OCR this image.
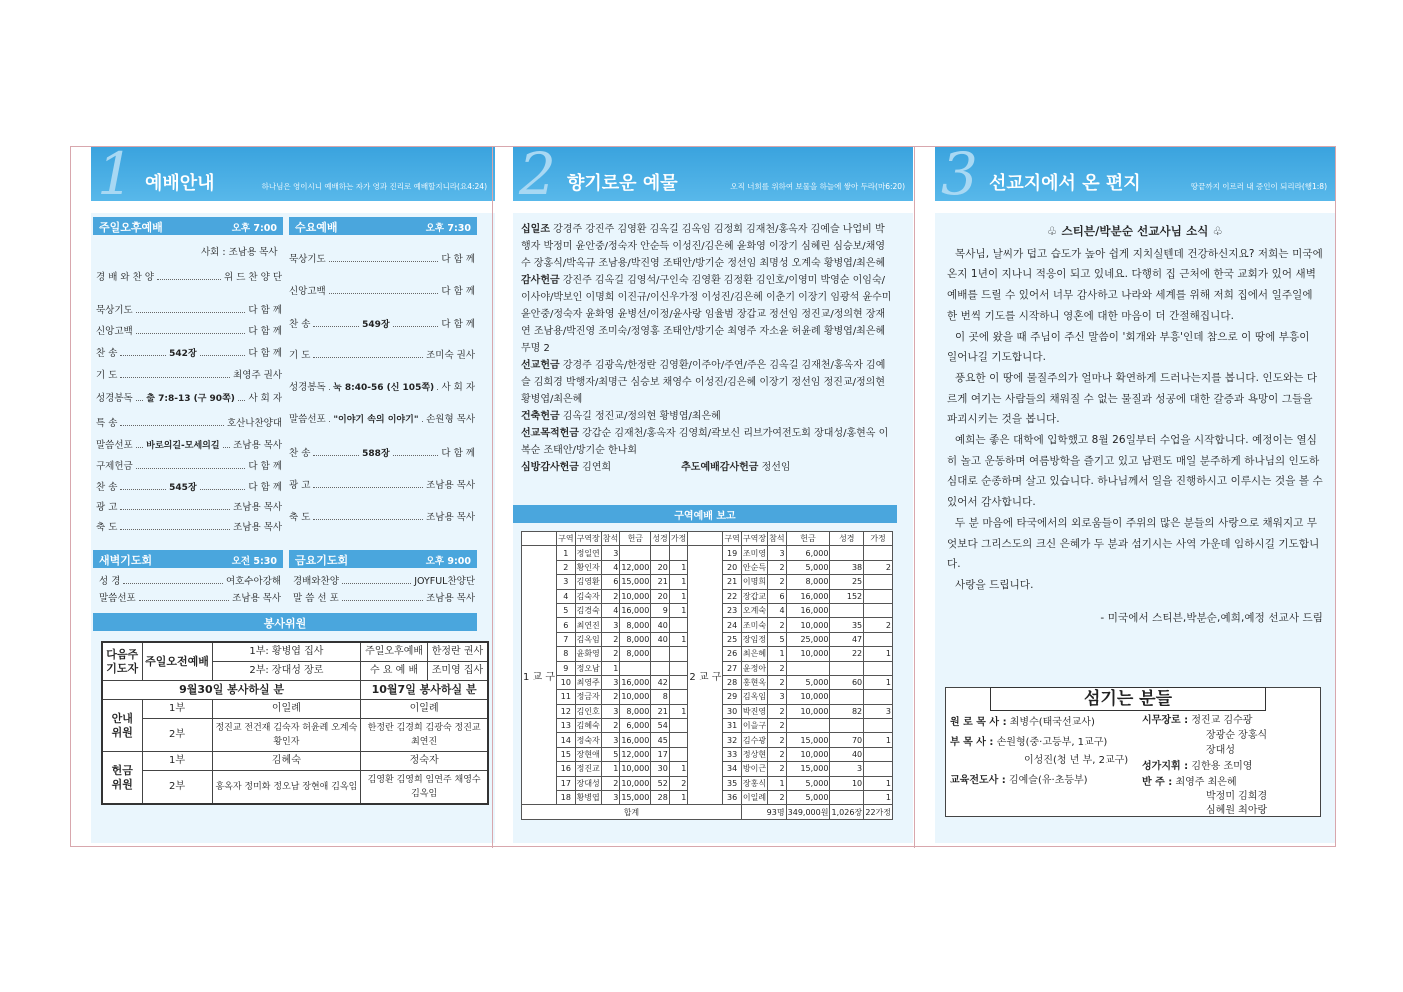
1 예배안내	하나님은 영이시니 예배하는 자가 영과 진리로 예배할지니라(요4:24)
주일오후예배	오후 7:00	수요예배	오후 7:30
사회 : 조남용 목사
경 배 와 찬 양	위 드 찬 양 단
묵상기도	다 함 께
신앙고백	다 함 께
찬 송	542장	다 함 께
기 도	최영주 권사
성경봉독 출 7:8-13 (구 90쪽) 사 회 자
특 송	호산나찬양대
말씀선포 바로의길-모세의길 조남용 목사
구제헌금	다 함 께
찬 송	545장	다 함 께
광 고	조남용 목사
축 도	조남용 목사
묵상기도	다 함 께
신앙고백	다 함 께
찬 송	549장	다 함 께
기 도	조미숙 권사
성경봉독 눅 8:40-56 (신 105쪽) 사 회 자
말씀선포 "이야기 속의 이야기" 손원형 목사
찬 송	588장	다 함 께
광 고	조남용 목사
축 도	조남용 목사
새벽기도회	오전 5:30	금요기도회	오후 9:00
성 경	여호수아강해
말씀선포	조남용 목사
경배와찬양	JOYFUL찬양단
말 씀 선 포	조남용 목사
봉사위원
다음주 기도자	주일오전예배	1부: 황병엽 집사	주일오후예배	한정란 권사
		2부: 장대성 장로	수 요 예 배	조미영 집사
9월30일 봉사하실 분			10월7일 봉사하실 분	
안내 위원	1부	이일례	이일례	
	2부	정진교 전건재 김숙자 허윤례 오계숙 황인자	한정란 김경희 김광숙 정진교 최연진	
헌금 위원	1부	김혜숙	정숙자	
	2부	홍옥자 정미화 정오남 장현애 김옥임	김영환 김영희 임연주 채영수 김옥임	
2 향기로운 예물	오직 너희를 위하여 보물을 하늘에 쌓아 두라(마6:20)
십일조 강경주 강진주 김영환 김옥길 김옥임 김정회 김재천/홍옥자 김예슬 나업비 박행자 박정미 윤안중/정숙자 안순득 이성진/김은혜 윤화영 이장기 심혜린 심승보/채영수 장홍식/박옥규 조남용/박진영 조태안/방기순 정선임 최명성 오계숙 황병엽/최은혜
감사헌금 강진주 김옥길 김영석/구인숙 김영환 김정환 김인호/이영미 박영순 이임숙/이사야/박보인 이명희 이진규/이신우가정 이성진/김은혜 이춘기 이장기 임광석 윤수미 윤안중/정숙자 윤화영 윤병선/이정/윤사랑 임율범 장갑교 정선임 정진교/정의현 장재연 조남용/박진영 조미숙/정영홍 조태안/방기순 최영주 자소윤 허윤례 황병엽/최은혜 무명 2
선교헌금 강경주 김광옥/한정란 김영환/이주아/주연/주은 김옥길 김재천/홍옥자 김예슬 김희경 박행자/최명근 심승보 채영수 이성진/김은혜 이장기 정선임 정진교/정의현 황병엽/최은혜
건축헌금 김옥길 정진교/정의현 황병엽/최은혜
선교목적헌금 강갑순 김재천/홍옥자 김영희/곽보신 리브가여전도회 장대성/홍현옥 이복순 조태안/방기순 한나회
심방감사헌금 김연희	추도예배감사헌금 정선임
구역예배 보고
	구역	구역장	참석	헌금	성경	가정		구역	구역장	참석	헌금	성경	가정
1 교 구	1	정일연	3				2 교 구	19	조미영	3	6,000		
	2	황인자	4	12,000	20	1		20	안순득	2	5,000	38	2
	3	김영환	6	15,000	21	1		21	이명희	2	8,000	25	
	4	김숙자	2	10,000	20	1		22	장갑교	6	16,000	152	
	5	김경숙	4	16,000	9	1		23	오계숙	4	16,000		
	6	최연진	3	8,000	40			24	조미숙	2	10,000	35	2
	7	김옥임	2	8,000	40	1		25	장임정	5	25,000	47	
	8	윤화영	2	8,000				26	최은혜	1	10,000	22	1
	9	정오남	1					27	윤정아	2			
	10	최영주	3	16,000	42			28	홍현옥	2	5,000	60	1
	11	정금자	2	10,000	8			29	김옥임	3	10,000		
	12	김인호	3	8,000	21	1		30	박진영	2	10,000	82	3
	13	김혜숙	2	6,000	54			31	이을구	2			
	14	정숙자	3	16,000	45			32	김수광	2	15,000	70	1
	15	장현애	5	12,000	17			33	정상현	2	10,000	40	
	16	정진교	1	10,000	30	1		34	방이근	2	15,000	3	
	17	장대성	2	10,000	52	2		35	장홍식	1	5,000	10	1
	18	황병엽	3	15,000	28	1		36	이일례	2	5,000		1
합계									93명		349,000원	1,026장	22가정
3 선교지에서 온 편지	땅끝까지 이르러 내 증인이 되리라(행1:8)
♧ 스티븐/박분순 선교사님 소식 ♧

목사님, 날씨가 덥고 습도가 높아 쉽게 지치실텐데 건강하신지요? 저희는 미국에 온지 1년이 지나니 적응이 되고 있네요. 다행히 집 근처에 한국 교회가 있어 새벽 예배를 드릴 수 있어서 너무 감사하고 나라와 세계를 위해 저희 집에서 일주일에 한 번씩 기도를 시작하니 영혼에 대한 마음이 더 간절해집니다.

이 곳에 왔을 때 주님이 주신 말씀이 '회개와 부흥'인데 참으로 이 땅에 부흥이 일어나길 기도합니다.

풍요한 이 땅에 물질주의가 얼마나 확연하게 드러나는지를 봅니다. 인도와는 다르게 여기는 사람들의 채워질 수 없는 물질과 성공에 대한 갈증과 욕망이 그들을 파괴시키는 것을 봅니다.

예희는 좋은 대학에 입학했고 8월 26일부터 수업을 시작합니다. 예정이는 열심히 놀고 운동하며 여름방학을 즐기고 있고 남편도 매일 분주하게 하나님의 인도하심대로 순종하며 살고 있습니다. 하나님께서 일을 진행하시고 이루시는 것을 볼 수 있어서 감사합니다.

두 분 마음에 타국에서의 외로움들이 주위의 많은 분들의 사랑으로 채워지고 무엇보다 그리스도의 크신 은혜가 두 분과 섬기시는 사역 가운데 임하시길 기도합니다.

사랑을 드립니다.

- 미국에서 스티븐,박분순,예희,예정 선교사 드림
섬기는 분들
원 로 목 사 : 최병수(태국선교사)
부 목 사 : 손원형(중·고등부, 1교구)
이성진(청 년 부, 2교구)
교육전도사 : 김예슬(유·초등부)
시무장로 : 정진교 김수광
장광순 장홍식
장대성
성가지휘 : 김한용 조미영
반 주 : 최영주 최은혜
박정미 김희경
심혜원 최아랑
